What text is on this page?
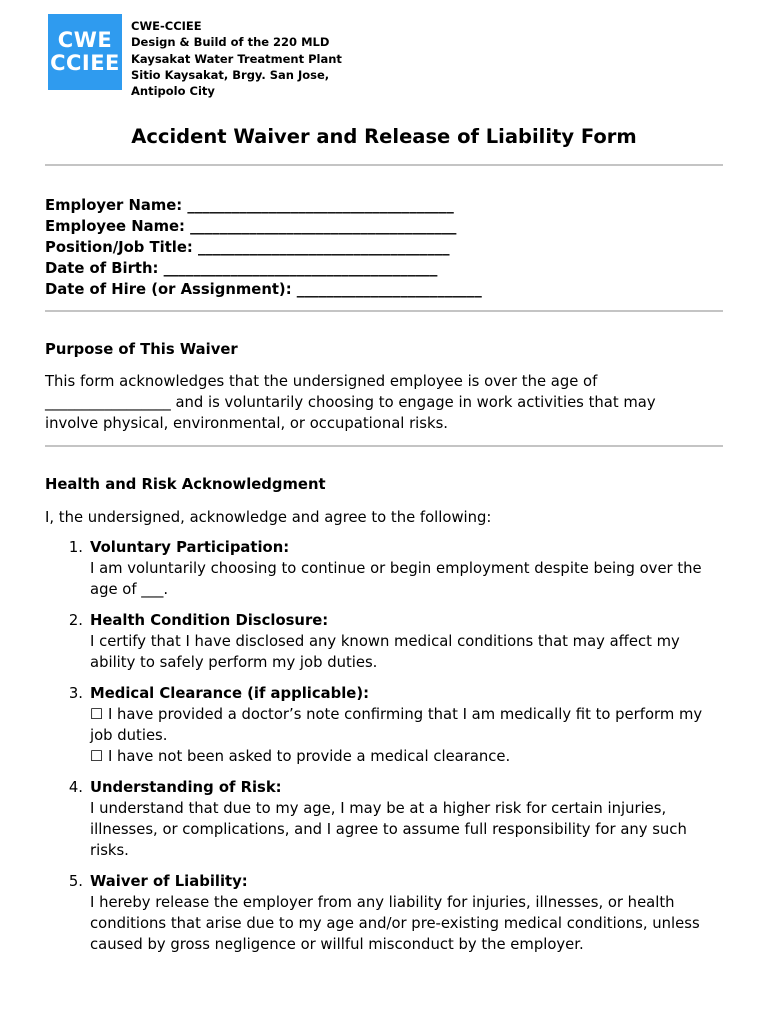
CWE
CCIEE
CWE-CCIEE
Design & Build of the 220 MLD
Kaysakat Water Treatment Plant
Sitio Kaysakat, Brgy. San Jose,
Antipolo City
Accident Waiver and Release of Liability Form
Employer Name: ____________________________________
Employee Name: ____________________________________
Position/Job Title: __________________________________
Date of Birth: _____________________________________
Date of Hire (or Assignment): _________________________
Purpose of This Waiver
This form acknowledges that the undersigned employee is over the age of
_________________ and is voluntarily choosing to engage in work activities that may
involve physical, environmental, or occupational risks.
Health and Risk Acknowledgment
I, the undersigned, acknowledge and agree to the following:
1. Voluntary Participation:
I am voluntarily choosing to continue or begin employment despite being over the
age of ___.
2. Health Condition Disclosure:
I certify that I have disclosed any known medical conditions that may affect my
ability to safely perform my job duties.
3. Medical Clearance (if applicable):
☐ I have provided a doctor’s note confirming that I am medically fit to perform my
job duties.
☐ I have not been asked to provide a medical clearance.
4. Understanding of Risk:
I understand that due to my age, I may be at a higher risk for certain injuries,
illnesses, or complications, and I agree to assume full responsibility for any such
risks.
5. Waiver of Liability:
I hereby release the employer from any liability for injuries, illnesses, or health
conditions that arise due to my age and/or pre-existing medical conditions, unless
caused by gross negligence or willful misconduct by the employer.
